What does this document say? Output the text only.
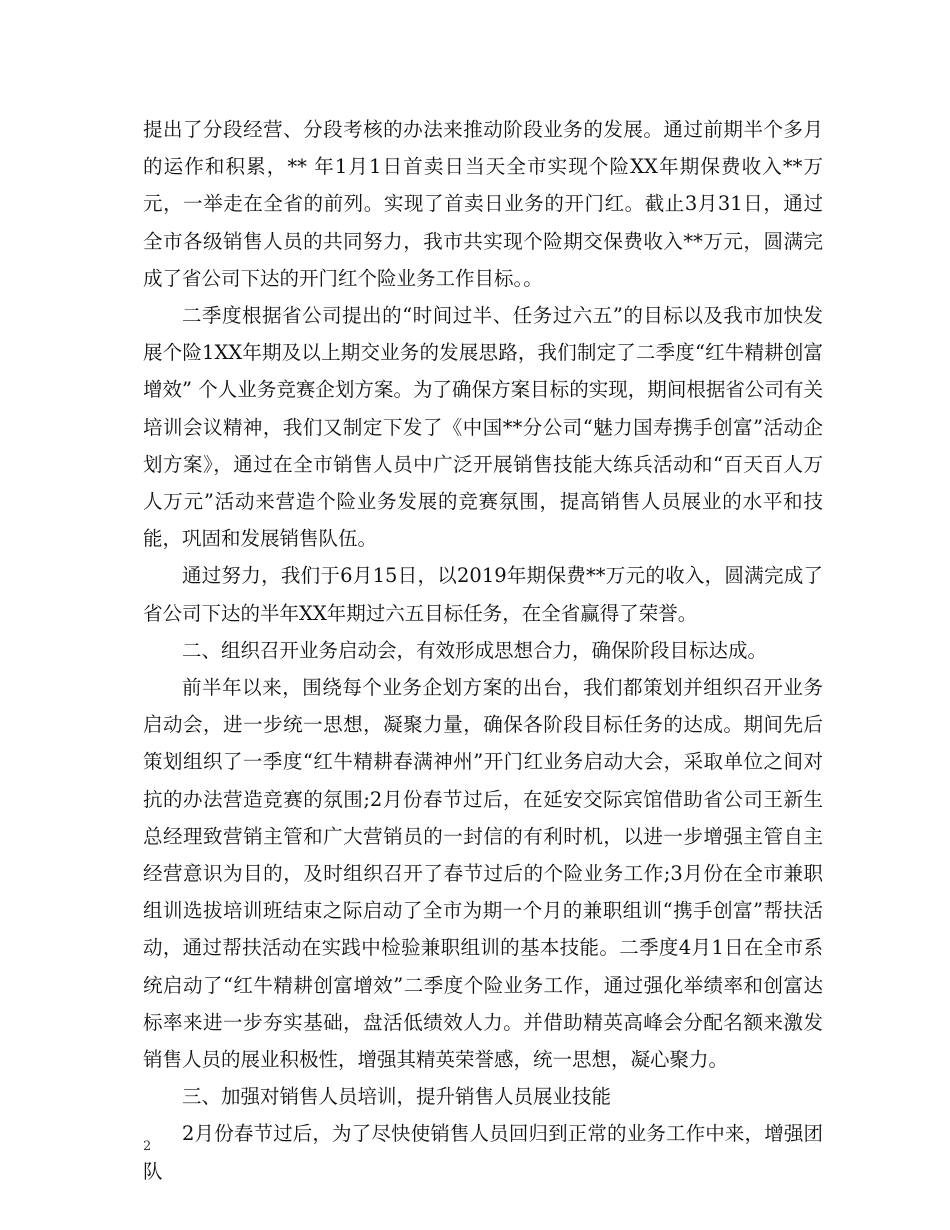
提出了分段经营、分段考核的办法来推动阶段业务的发展。通过前期半个多月的运作和积累，** 年1月1日首卖日当天全市实现个险XX年期保费收入**万元，一举走在全省的前列。实现了首卖日业务的开门红。截止3月31日，通过全市各级销售人员的共同努力，我市共实现个险期交保费收入**万元，圆满完成了省公司下达的开门红个险业务工作目标。。

二季度根据省公司提出的“时间过半、任务过六五”的目标以及我市加快发展个险1XX年期及以上期交业务的发展思路，我们制定了二季度“红牛精耕创富增效” 个人业务竞赛企划方案。为了确保方案目标的实现，期间根据省公司有关培训会议精神，我们又制定下发了《中国**分公司“魅力国寿携手创富”活动企划方案》，通过在全市销售人员中广泛开展销售技能大练兵活动和“百天百人万人万元”活动来营造个险业务发展的竞赛氛围，提高销售人员展业的水平和技能，巩固和发展销售队伍。

通过努力，我们于6月15日，以2019年期保费**万元的收入，圆满完成了省公司下达的半年XX年期过六五目标任务，在全省赢得了荣誉。

二、组织召开业务启动会，有效形成思想合力，确保阶段目标达成。

前半年以来，围绕每个业务企划方案的出台，我们都策划并组织召开业务启动会，进一步统一思想，凝聚力量，确保各阶段目标任务的达成。期间先后策划组织了一季度“红牛精耕春满神州”开门红业务启动大会，采取单位之间对抗的办法营造竞赛的氛围;2月份春节过后，在延安交际宾馆借助省公司王新生总经理致营销主管和广大营销员的一封信的有利时机，以进一步增强主管自主经营意识为目的，及时组织召开了春节过后的个险业务工作;3月份在全市兼职组训选拔培训班结束之际启动了全市为期一个月的兼职组训“携手创富”帮扶活动，通过帮扶活动在实践中检验兼职组训的基本技能。二季度4月1日在全市系统启动了“红牛精耕创富增效”二季度个险业务工作，通过强化举绩率和创富达标率来进一步夯实基础，盘活低绩效人力。并借助精英高峰会分配名额来激发销售人员的展业积极性，增强其精英荣誉感，统一思想，凝心聚力。

三、加强对销售人员培训，提升销售人员展业技能

2月份春节过后，为了尽快使销售人员回归到正常的业务工作中来，增强团队

2
